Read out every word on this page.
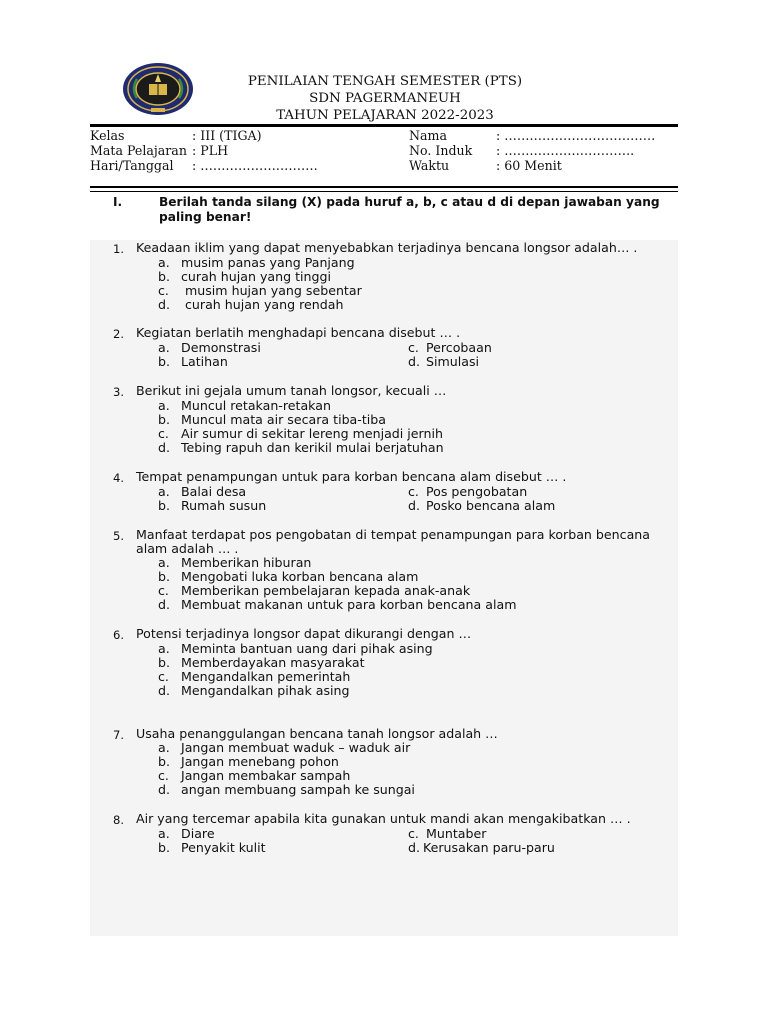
PENILAIAN TENGAH SEMESTER (PTS)
SDN PAGERMANEUH
TAHUN PELAJARAN 2022-2023
Kelas	: III (TIGA)
Mata Pelajaran : PLH
Hari/Tanggal : ……………………….
Nama	: ………………………………
No. Induk : ………………………….
Waktu	: 60 Menit
I.	Berilah tanda silang (X) pada huruf a, b, c atau d di depan jawaban yang paling benar!
1. Keadaan iklim yang dapat menyebabkan terjadinya bencana longsor adalah… .
a. musim panas yang Panjang
b. curah hujan yang tinggi
c. musim hujan yang sebentar
d. curah hujan yang rendah
2. Kegiatan berlatih menghadapi bencana disebut … .
a. Demonstrasi
b. Latihan
c. Percobaan
d. Simulasi
3. Berikut ini gejala umum tanah longsor, kecuali …
a. Muncul retakan-retakan
b. Muncul mata air secara tiba-tiba
c. Air sumur di sekitar lereng menjadi jernih
d. Tebing rapuh dan kerikil mulai berjatuhan
4. Tempat penampungan untuk para korban bencana alam disebut … .
a. Balai desa
b. Rumah susun
c. Pos pengobatan
d. Posko bencana alam
5. Manfaat terdapat pos pengobatan di tempat penampungan para korban bencana
alam adalah … .
a. Memberikan hiburan
b. Mengobati luka korban bencana alam
c. Memberikan pembelajaran kepada anak-anak
d. Membuat makanan untuk para korban bencana alam
6. Potensi terjadinya longsor dapat dikurangi dengan …
a. Meminta bantuan uang dari pihak asing
b. Memberdayakan masyarakat
c. Mengandalkan pemerintah
d. Mengandalkan pihak asing
7. Usaha penanggulangan bencana tanah longsor adalah …
a. Jangan membuat waduk – waduk air
b. Jangan menebang pohon
c. Jangan membakar sampah
d. angan membuang sampah ke sungai
8. Air yang tercemar apabila kita gunakan untuk mandi akan mengakibatkan … .
a. Diare
b. Penyakit kulit
c. Muntaber
d. Kerusakan paru-paru
